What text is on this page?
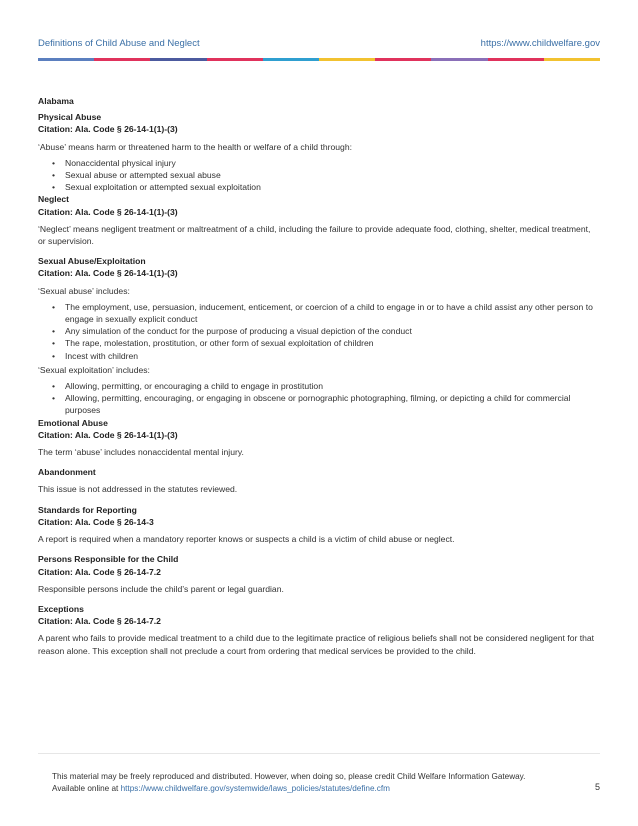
Definitions of Child Abuse and Neglect	https://www.childwelfare.gov
Alabama
Physical Abuse
Citation: Ala. Code § 26-14-1(1)-(3)

‘Abuse’ means harm or threatened harm to the health or welfare of a child through:

• Nonaccidental physical injury
• Sexual abuse or attempted sexual abuse
• Sexual exploitation or attempted sexual exploitation
Neglect
Citation: Ala. Code § 26-14-1(1)-(3)

‘Neglect’ means negligent treatment or maltreatment of a child, including the failure to provide adequate food, clothing, shelter, medical treatment, or supervision.

Sexual Abuse/Exploitation
Citation: Ala. Code § 26-14-1(1)-(3)

‘Sexual abuse’ includes:

• The employment, use, persuasion, inducement, enticement, or coercion of a child to engage in or to have a child assist any other person to engage in sexually explicit conduct
• Any simulation of the conduct for the purpose of producing a visual depiction of the conduct
• The rape, molestation, prostitution, or other form of sexual exploitation of children
• Incest with children

‘Sexual exploitation’ includes:

• Allowing, permitting, or encouraging a child to engage in prostitution
• Allowing, permitting, encouraging, or engaging in obscene or pornographic photographing, filming, or depicting a child for commercial purposes
Emotional Abuse
Citation: Ala. Code § 26-14-1(1)-(3)

The term ‘abuse’ includes nonaccidental mental injury.

Abandonment

This issue is not addressed in the statutes reviewed.

Standards for Reporting
Citation: Ala. Code § 26-14-3

A report is required when a mandatory reporter knows or suspects a child is a victim of child abuse or neglect.

Persons Responsible for the Child
Citation: Ala. Code § 26-14-7.2

Responsible persons include the child’s parent or legal guardian.

Exceptions
Citation: Ala. Code § 26-14-7.2

A parent who fails to provide medical treatment to a child due to the legitimate practice of religious beliefs shall not be considered negligent for that reason alone. This exception shall not preclude a court from ordering that medical services be provided to the child.

This material may be freely reproduced and distributed. However, when doing so, please credit Child Welfare Information Gateway.
Available online at https://www.childwelfare.gov/systemwide/laws_policies/statutes/define.cfm	5
